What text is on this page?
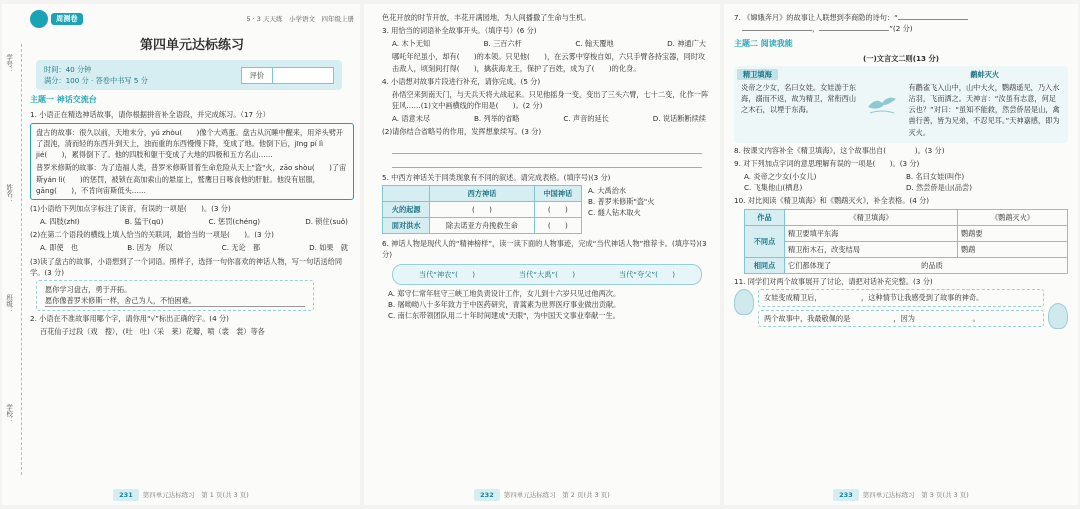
学号：
姓名：
班级：
学校：
周测卷	5 · 3 天天练　小学语文　四年级上册
第四单元达标练习
时间：40 分钟
满分：100 分 · 答卷中书写 5 分
评价
主题一 神话交流台
1. 小语正在精选神话故事，请你根据拼音补全语段，并完成练习。（17 分）
盘古的故事：很久以前，天地未分，yǔ zhòu(　　)像个大鸡蛋。盘古从沉睡中醒来，用斧头劈开了混沌，清而轻的东西升到天上，浊而重的东西慢慢下降，变成了地。他倒下后，jīng pí lì jié(　　)，累得倒下了。他的四肢和躯干变成了大地的四极和五方名山……
普罗米修斯的故事：为了造福人类，普罗米修斯冒着生命危险从天上"盗"火，zāo shòu(　　)了宙斯yán lì(　　)的惩罚，被锁在高加索山的悬崖上，鹫鹰日日啄食他的肝脏。他没有屈服，gāng(　　)，不肯向宙斯低头……
(1)小语给下列加点字标注了读音，有误的一项是(　　)。(3 分)
A. 四肢(zhī)	B. 猛干(qū)	C. 惩罚(chéng)	D. 锁住(suǒ)
(2)在第二个语段的横线上填入恰当的关联词，最恰当的一项是(　　)。(3 分)
A. 即使　也	B. 因为　所以	C. 无论　都	D. 如果　就
(3)读了盘古的故事，小语想到了一个词语。照样子，选择一句你喜欢的神话人物，写一句话送给同学。(3 分)
愿你学习盘古，勇于开拓。
愿你像普罗米修斯一样，舍己为人，不怕困难。
2. 小语在不准故事用哪个字，请你用“√”标出正确的字。(4 分)
百花仙子过段（戏　搜），(吐　吐)（采　莱）花瓣，喷（裳　裳）等各
231 第四单元达标练习　第 1 页(共 3 页)
色花开放的时节开放，丰花开满园地，为人间播撒了生命与生机。
3. 用恰当的词语补全故事开头。（填序号）(6 分)
A. 木卜无知	B. 三百六杆	C. 翰天覆地	D. 神通广大
哪吒年纪虽小，却有(　　)的本领。只见他(　　)，在云雾中穿梭自如，六只手臂各持宝器，同时攻击敌人，顷刻间打得(　　)，擒获海龙王，保护了百姓，成为了(　　)的化身。
4. 小语想对故事片段进行补充，请你完成。(5 分)
孙悟空来到南天门，与天兵天将大战起来。只见他摇身一变，变出了三头六臂，七十二变，化作一阵狂风……(1)文中画横线的作用是(　　)。(2 分)
A. 语意未尽	B. 列举的省略	C. 声音的延长	D. 说话断断续续
(2)请你结合省略号的作用，发挥想象续写。(3 分)
5. 中西方神话关于同类现象有不同的叙述。请完成表格。(填序号)(3 分)
	西方神话	中国神话
火的起源	(　　)	(　　)
面对洪水	除去诺亚方舟挽救生命	(　　)
A. 大禹治水
B. 普罗米修斯"盗"火
C. 燧人钻木取火
6. 神话人物是现代人的“精神榜样”，读一读下面的人物事迹，完成“当代神话人物”推荐卡。(填序号)(3 分)
当代“神农”(　　)	当代“大禹”(　　)	当代“夸父”(　　)
A. 郑守仁常年驻守三峡工地负责设计工作，女儿到十六岁只见过他两次。
B. 屠呦呦八十多年致力于中医药研究，青蒿素为世界医疗事业做出贡献。
C. 南仁东带领团队用二十年时间建成"天眼"，为中国天文事业奉献一生。
232 第四单元达标练习　第 2 页(共 3 页)
7. 《嫦娥奔月》的故事让人联想到李商隐的诗句：“
，	”(2 分)
主题二 阅读我能
(一)文言文二则(13 分)
精卫填海
炎帝之少女，名曰女娃。女娃游于东海，溺而不返，故为精卫，常衔西山之木石，以堙于东海。
鹬蚌灭火
有鹳雀飞入山中，山中大火，鹦鹉遥见，乃入水沾羽，飞而洒之。天神言：“汝虽有志意，何足云也？”对曰：“虽知不能救，然尝侨居是山，禽兽行善，皆为兄弟，不忍见耳。”天神嘉感，即为灭火。
8. 按课文内容补全《精卫填海》，这个故事出自(　　　　)。(3 分)
9. 对下列加点字词的意思理解有误的一项是(　　)。(3 分)
A. 炎帝之少女(小女儿)	B. 名曰女娃(叫作)
C. 飞集他山(栖息)	D. 然尝侨是山(品尝)
10. 对比阅读《精卫填海》和《鹦鹉灭火》，补全表格。(4 分)
作品	《精卫填海》	《鹦鹉灭火》
不同点	精卫要填平东海	鹦鹉要
	精卫衔木石，改变结局	鹦鹉
相同点	它们都体现了 的品质	
11. 同学们对两个故事展开了讨论，请把对话补充完整。(3 分)
女娃变成精卫后，　　　　　　，这种情节让我感受到了故事的神奇。
两个故事中，我最敬佩的是　　　　　　，因为　　　　　　　　。
233 第四单元达标练习　第 3 页(共 3 页)
